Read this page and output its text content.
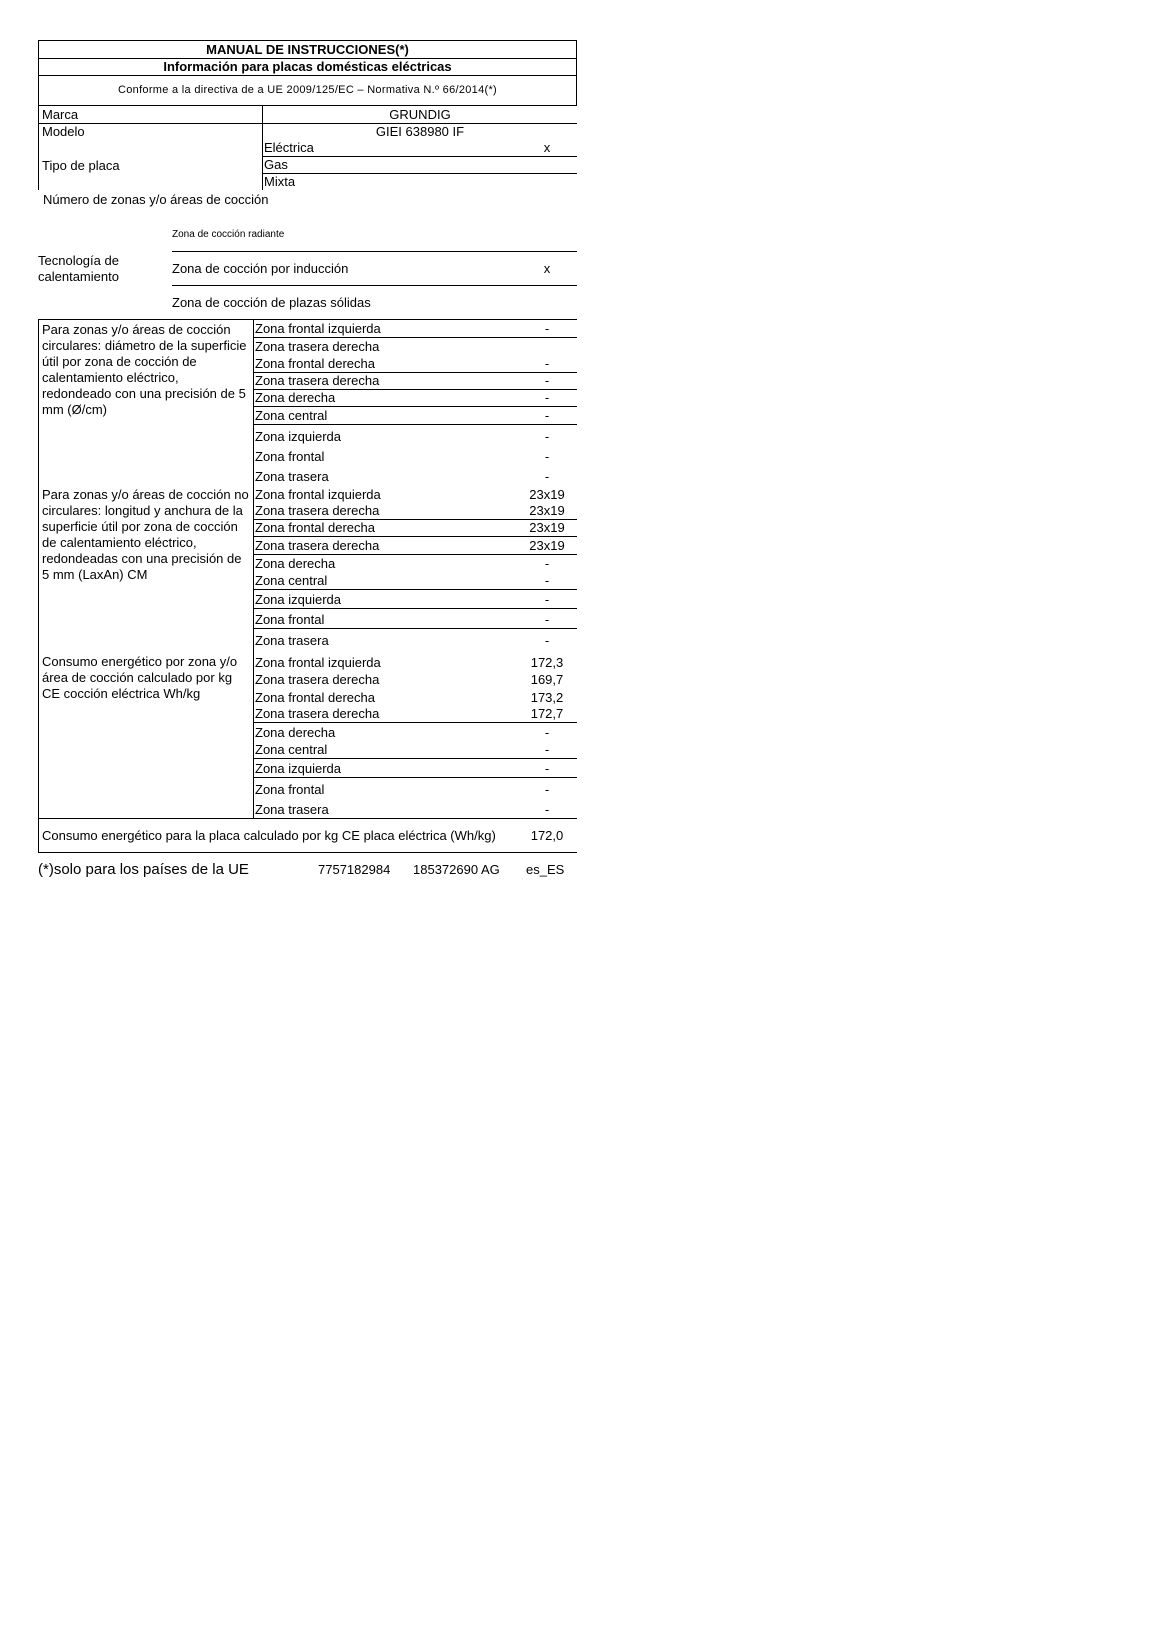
MANUAL DE INSTRUCCIONES(*)
Información para placas domésticas eléctricas
Conforme a la directiva de a UE 2009/125/EC – Normativa N.º 66/2014(*)
Marca	GRUNDIG
Modelo	GIEI 638980 IF
Tipo de placa
Eléctrica	x
Gas
Mixta
Número de zonas y/o áreas de cocción
Tecnología de calentamiento
Zona de cocción radiante
Zona de cocción por inducción	x
Zona de cocción de plazas sólidas
Para zonas y/o áreas de cocción circulares: diámetro de la superficie útil por zona de cocción de calentamiento eléctrico, redondeado con una precisión de 5 mm (Ø/cm)
Zona frontal izquierda	-
Zona trasera derecha
Zona frontal derecha	-
Zona trasera derecha	-
Zona derecha	-
Zona central	-
Zona izquierda	-
Zona frontal	-
Zona trasera	-
Para zonas y/o áreas de cocción no circulares: longitud y anchura de la superficie útil por zona de cocción de calentamiento eléctrico, redondeadas con una precisión de 5 mm (LaxAn) CM
Zona frontal izquierda	23x19
Zona trasera derecha	23x19
Zona frontal derecha	23x19
Zona trasera derecha	23x19
Zona derecha	-
Zona central	-
Zona izquierda	-
Zona frontal	-
Zona trasera	-
Consumo energético por zona y/o área de cocción calculado por kg CE cocción eléctrica Wh/kg
Zona frontal izquierda	172,3
Zona trasera derecha	169,7
Zona frontal derecha	173,2
Zona trasera derecha	172,7
Zona derecha	-
Zona central	-
Zona izquierda	-
Zona frontal	-
Zona trasera	-
Consumo energético para la placa calculado por kg CE placa eléctrica (Wh/kg)	172,0
(*)solo para los países de la UE	7757182984	185372690 AG	es_ES
